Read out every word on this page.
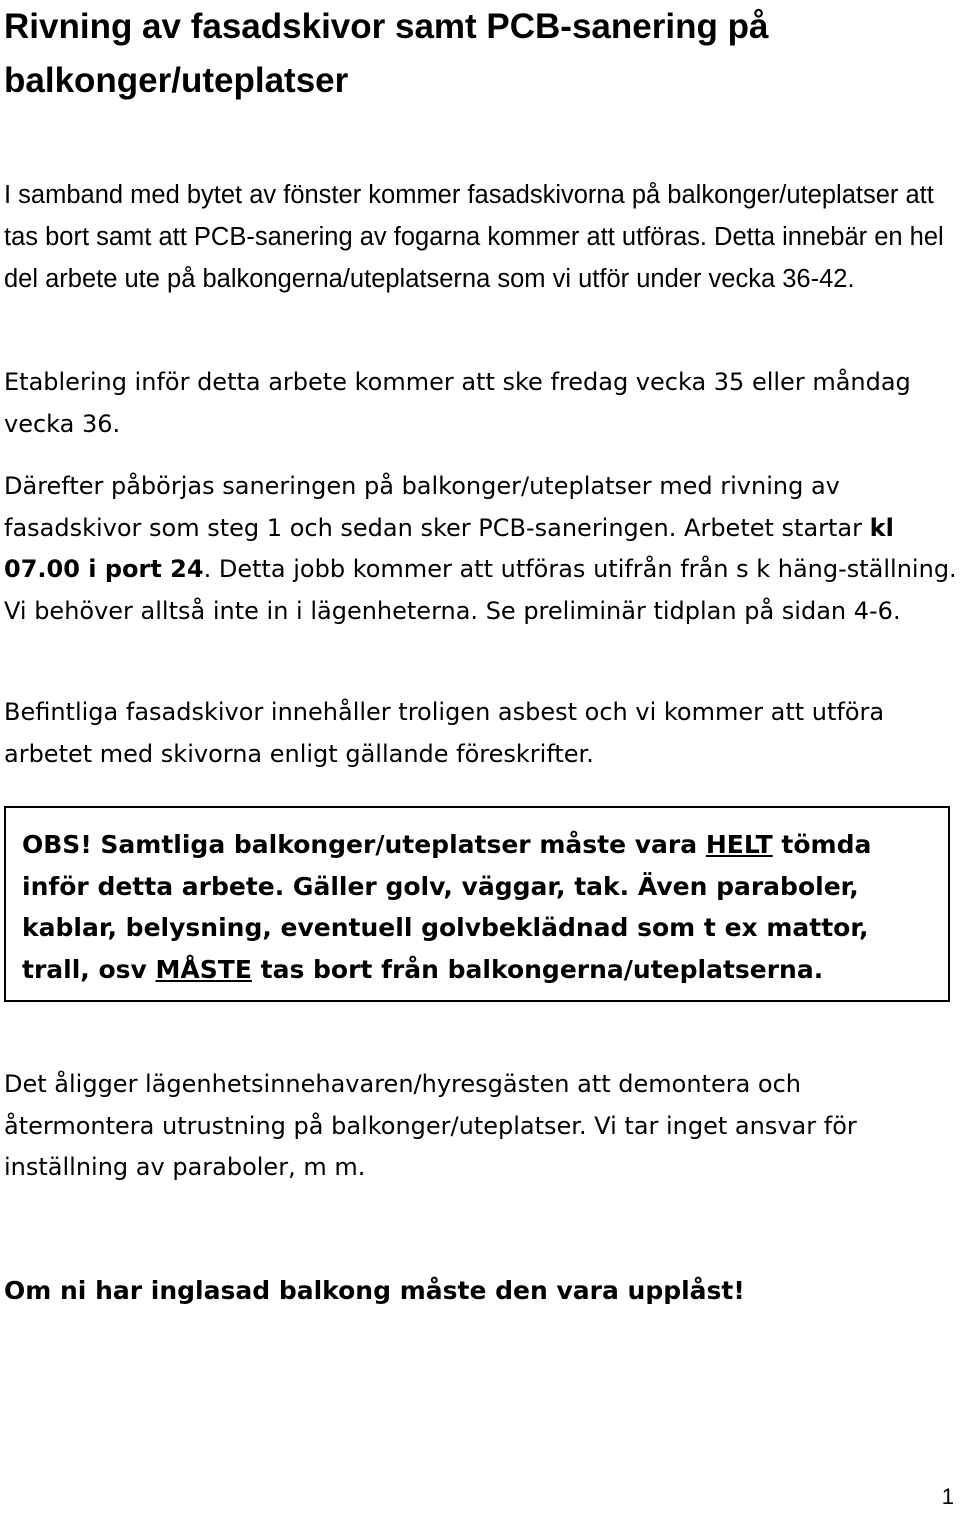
Rivning av fasadskivor samt PCB-sanering på balkonger/uteplatser

I samband med bytet av fönster kommer fasadskivorna på balkonger/uteplatser att tas bort samt att PCB-sanering av fogarna kommer att utföras. Detta innebär en hel del arbete ute på balkongerna/uteplatserna som vi utför under vecka 36-42.

Etablering inför detta arbete kommer att ske fredag vecka 35 eller måndag vecka 36.

Därefter påbörjas saneringen på balkonger/uteplatser med rivning av fasadskivor som steg 1 och sedan sker PCB-saneringen. Arbetet startar kl 07.00 i port 24. Detta jobb kommer att utföras utifrån från s k häng-ställning. Vi behöver alltså inte in i lägenheterna. Se preliminär tidplan på sidan 4-6.

Befintliga fasadskivor innehåller troligen asbest och vi kommer att utföra arbetet med skivorna enligt gällande föreskrifter.

OBS! Samtliga balkonger/uteplatser måste vara HELT tömda inför detta arbete. Gäller golv, väggar, tak. Även paraboler, kablar, belysning, eventuell golvbeklädnad som t ex mattor, trall, osv MÅSTE tas bort från balkongerna/uteplatserna.

Det åligger lägenhetsinnehavaren/hyresgästen att demontera och återmontera utrustning på balkonger/uteplatser. Vi tar inget ansvar för inställning av paraboler, m m.

Om ni har inglasad balkong måste den vara upplåst!

1
